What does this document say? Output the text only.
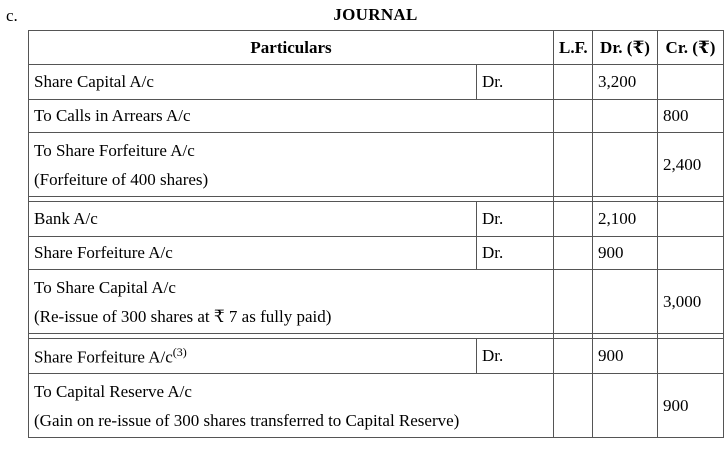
c.	JOURNAL
Particulars		L.F.	Dr. (₹)	Cr. (₹)
Share Capital A/c	Dr.		3,200	
To Calls in Arrears A/c				800

To Share Forfeiture A/c
(Forfeiture of 400 shares)				2,400

Bank A/c	Dr.		2,100	
Share Forfeiture A/c	Dr.		900	

To Share Capital A/c
(Re-issue of 300 shares at ₹ 7 as fully paid)				3,000

Share Forfeiture $A/c^{(3)}$	Dr.		900	

To Capital Reserve A/c
(Gain on re-issue of 300 shares transferred to Capital Reserve)				900
